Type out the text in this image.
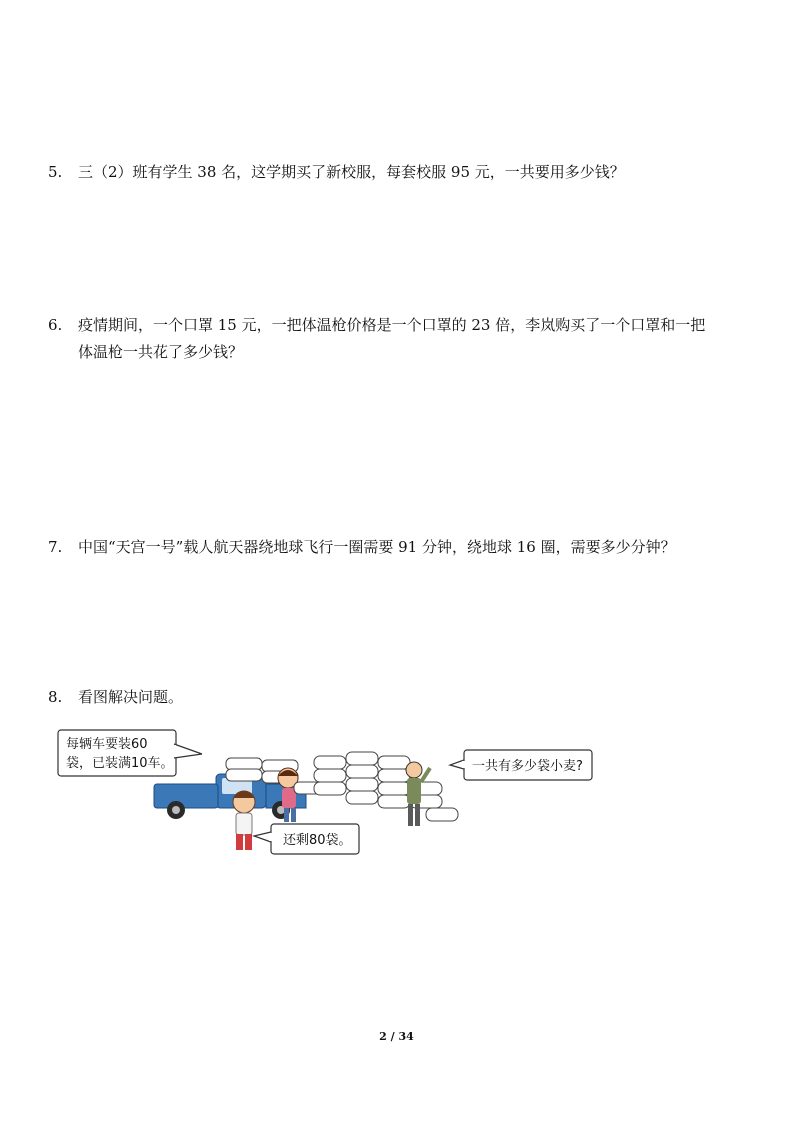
5. 三（2）班有学生 38 名，这学期买了新校服，每套校服 95 元，一共要用多少钱？
6. 疫情期间，一个口罩 15 元，一把体温枪价格是一个口罩的 23 倍，李岚购买了一个口罩和一把
体温枪一共花了多少钱？
7. 中国“天宫一号”载人航天器绕地球飞行一圈需要 91 分钟，绕地球 16 圈，需要多少分钟？
8. 看图解决问题。
每辆车要装60
袋，已装满10车。
还剩80袋。
一共有多少袋小麦?
2 / 34
